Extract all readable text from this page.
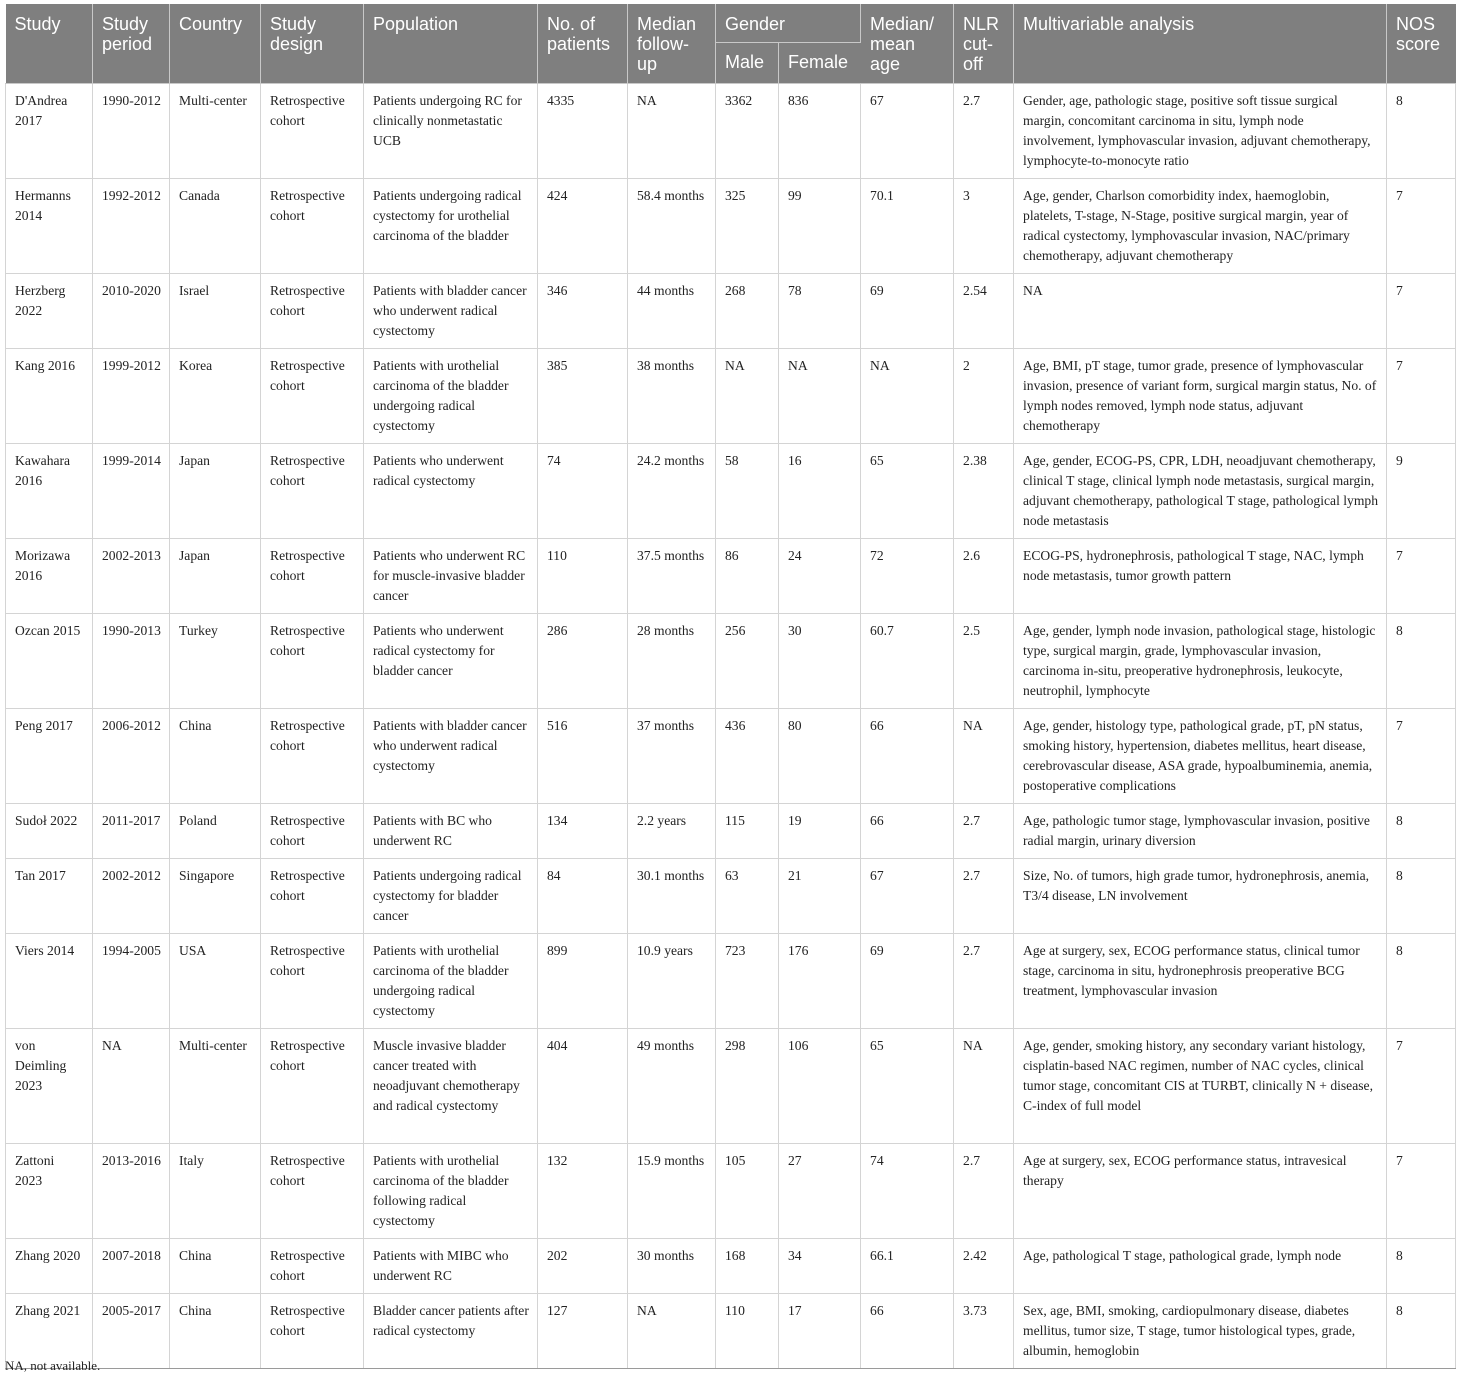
Study	Study period	Country	Study design	Population	No. of patients	Median follow-up	Gender		Median/ mean age	NLR cut-off	Multivariable analysis	NOS score
							Male	Female				
D'Andrea 2017	1990-2012	Multi-center	Retrospective cohort	Patients undergoing RC for clinically nonmetastatic UCB	4335	NA	3362	836	67	2.7	Gender, age, pathologic stage, positive soft tissue surgical margin, concomitant carcinoma in situ, lymph node involvement, lymphovascular invasion, adjuvant chemotherapy, lymphocyte-to-monocyte ratio	8
Hermanns 2014	1992-2012	Canada	Retrospective cohort	Patients undergoing radical cystectomy for urothelial carcinoma of the bladder	424	58.4 months	325	99	70.1	3	Age, gender, Charlson comorbidity index, haemoglobin, platelets, T-stage, N-Stage, positive surgical margin, year of radical cystectomy, lymphovascular invasion, NAC/primary chemotherapy, adjuvant chemotherapy	7
Herzberg 2022	2010-2020	Israel	Retrospective cohort	Patients with bladder cancer who underwent radical cystectomy	346	44 months	268	78	69	2.54	NA	7
Kang 2016	1999-2012	Korea	Retrospective cohort	Patients with urothelial carcinoma of the bladder undergoing radical cystectomy	385	38 months	NA	NA	NA	2	Age, BMI, pT stage, tumor grade, presence of lymphovascular invasion, presence of variant form, surgical margin status, No. of lymph nodes removed, lymph node status, adjuvant chemotherapy	7
Kawahara 2016	1999-2014	Japan	Retrospective cohort	Patients who underwent radical cystectomy	74	24.2 months	58	16	65	2.38	Age, gender, ECOG-PS, CPR, LDH, neoadjuvant chemotherapy, clinical T stage, clinical lymph node metastasis, surgical margin, adjuvant chemotherapy, pathological T stage, pathological lymph node metastasis	9
Morizawa 2016	2002-2013	Japan	Retrospective cohort	Patients who underwent RC for muscle-invasive bladder cancer	110	37.5 months	86	24	72	2.6	ECOG-PS, hydronephrosis, pathological T stage, NAC, lymph node metastasis, tumor growth pattern	7
Ozcan 2015	1990-2013	Turkey	Retrospective cohort	Patients who underwent radical cystectomy for bladder cancer	286	28 months	256	30	60.7	2.5	Age, gender, lymph node invasion, pathological stage, histologic type, surgical margin, grade, lymphovascular invasion, carcinoma in-situ, preoperative hydronephrosis, leukocyte, neutrophil, lymphocyte	8
Peng 2017	2006-2012	China	Retrospective cohort	Patients with bladder cancer who underwent radical cystectomy	516	37 months	436	80	66	NA	Age, gender, histology type, pathological grade, pT, pN status, smoking history, hypertension, diabetes mellitus, heart disease, cerebrovascular disease, ASA grade, hypoalbuminemia, anemia, postoperative complications	7
Sudoł 2022	2011-2017	Poland	Retrospective cohort	Patients with BC who underwent RC	134	2.2 years	115	19	66	2.7	Age, pathologic tumor stage, lymphovascular invasion, positive radial margin, urinary diversion	8
Tan 2017	2002-2012	Singapore	Retrospective cohort	Patients undergoing radical cystectomy for bladder cancer	84	30.1 months	63	21	67	2.7	Size, No. of tumors, high grade tumor, hydronephrosis, anemia, T3/4 disease, LN involvement	8
Viers 2014	1994-2005	USA	Retrospective cohort	Patients with urothelial carcinoma of the bladder undergoing radical cystectomy	899	10.9 years	723	176	69	2.7	Age at surgery, sex, ECOG performance status, clinical tumor stage, carcinoma in situ, hydronephrosis preoperative BCG treatment, lymphovascular invasion	8
von Deimling 2023	NA	Multi-center	Retrospective cohort	Muscle invasive bladder cancer treated with neoadjuvant chemotherapy and radical cystectomy	404	49 months	298	106	65	NA	Age, gender, smoking history, any secondary variant histology, cisplatin-based NAC regimen, number of NAC cycles, clinical tumor stage, concomitant CIS at TURBT, clinically N + disease, C-index of full model	7
Zattoni 2023	2013-2016	Italy	Retrospective cohort	Patients with urothelial carcinoma of the bladder following radical cystectomy	132	15.9 months	105	27	74	2.7	Age at surgery, sex, ECOG performance status, intravesical therapy	7
Zhang 2020	2007-2018	China	Retrospective cohort	Patients with MIBC who underwent RC	202	30 months	168	34	66.1	2.42	Age, pathological T stage, pathological grade, lymph node	8
Zhang 2021	2005-2017	China	Retrospective cohort	Bladder cancer patients after radical cystectomy	127	NA	110	17	66	3.73	Sex, age, BMI, smoking, cardiopulmonary disease, diabetes mellitus, tumor size, T stage, tumor histological types, grade, albumin, hemoglobin	8
NA, not available.
